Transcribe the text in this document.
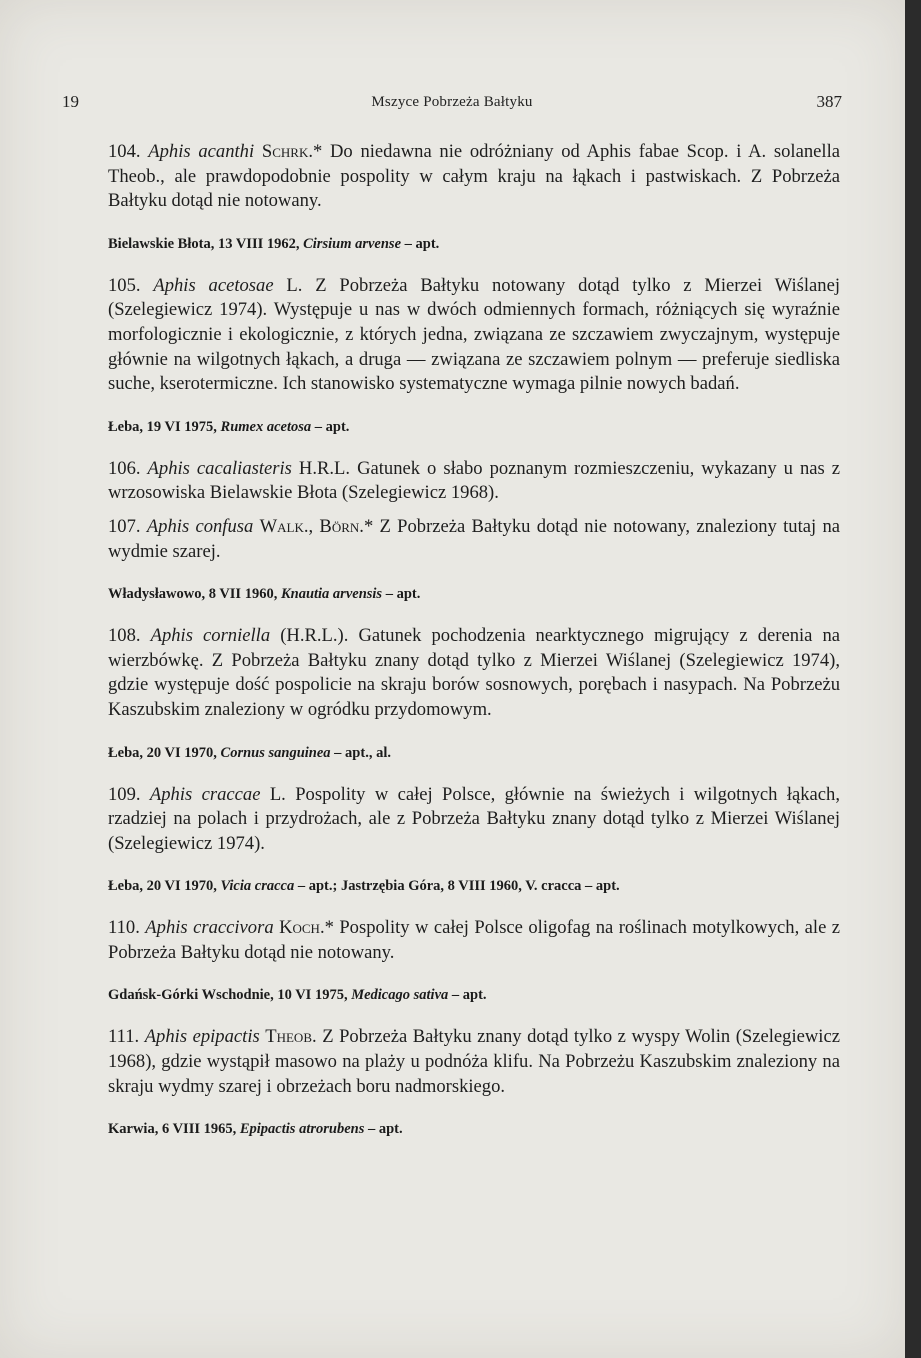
19	Mszyce Pobrzeża Bałtyku	387

104. Aphis acanthi Schrk.* Do niedawna nie odróżniany od Aphis fabae Scop. i A. solanella Theob., ale prawdopodobnie pospolity w całym kraju na łąkach i pastwiskach. Z Pobrzeża Bałtyku dotąd nie notowany.

Bielawskie Błota, 13 VIII 1962, Cirsium arvense – apt.

105. Aphis acetosae L. Z Pobrzeża Bałtyku notowany dotąd tylko z Mierzei Wiślanej (Szelegiewicz 1974). Występuje u nas w dwóch odmiennych formach, różniących się wyraźnie morfologicznie i ekologicznie, z których jedna, związana ze szczawiem zwyczajnym, występuje głównie na wilgotnych łąkach, a druga — związana ze szczawiem polnym — preferuje siedliska suche, kserotermiczne. Ich stanowisko systematyczne wymaga pilnie nowych badań.

Łeba, 19 VI 1975, Rumex acetosa – apt.

106. Aphis cacaliasteris H.R.L. Gatunek o słabo poznanym rozmieszczeniu, wykazany u nas z wrzosowiska Bielawskie Błota (Szelegiewicz 1968).

107. Aphis confusa Walk., Börn.* Z Pobrzeża Bałtyku dotąd nie notowany, znaleziony tutaj na wydmie szarej.

Władysławowo, 8 VII 1960, Knautia arvensis – apt.

108. Aphis corniella (H.R.L.). Gatunek pochodzenia nearktycznego migrujący z derenia na wierzbówkę. Z Pobrzeża Bałtyku znany dotąd tylko z Mierzei Wiślanej (Szelegiewicz 1974), gdzie występuje dość pospolicie na skraju borów sosnowych, porębach i nasypach. Na Pobrzeżu Kaszubskim znaleziony w ogródku przydomowym.

Łeba, 20 VI 1970, Cornus sanguinea – apt., al.

109. Aphis craccae L. Pospolity w całej Polsce, głównie na świeżych i wilgotnych łąkach, rzadziej na polach i przydrożach, ale z Pobrzeża Bałtyku znany dotąd tylko z Mierzei Wiślanej (Szelegiewicz 1974).

Łeba, 20 VI 1970, Vicia cracca – apt.; Jastrzębia Góra, 8 VIII 1960, V. cracca – apt.

110. Aphis craccivora Koch.* Pospolity w całej Polsce oligofag na roślinach motylkowych, ale z Pobrzeża Bałtyku dotąd nie notowany.

Gdańsk-Górki Wschodnie, 10 VI 1975, Medicago sativa – apt.

111. Aphis epipactis Theob. Z Pobrzeża Bałtyku znany dotąd tylko z wyspy Wolin (Szelegiewicz 1968), gdzie wystąpił masowo na plaży u podnóża klifu. Na Pobrzeżu Kaszubskim znaleziony na skraju wydmy szarej i obrzeżach boru nadmorskiego.

Karwia, 6 VIII 1965, Epipactis atrorubens – apt.
